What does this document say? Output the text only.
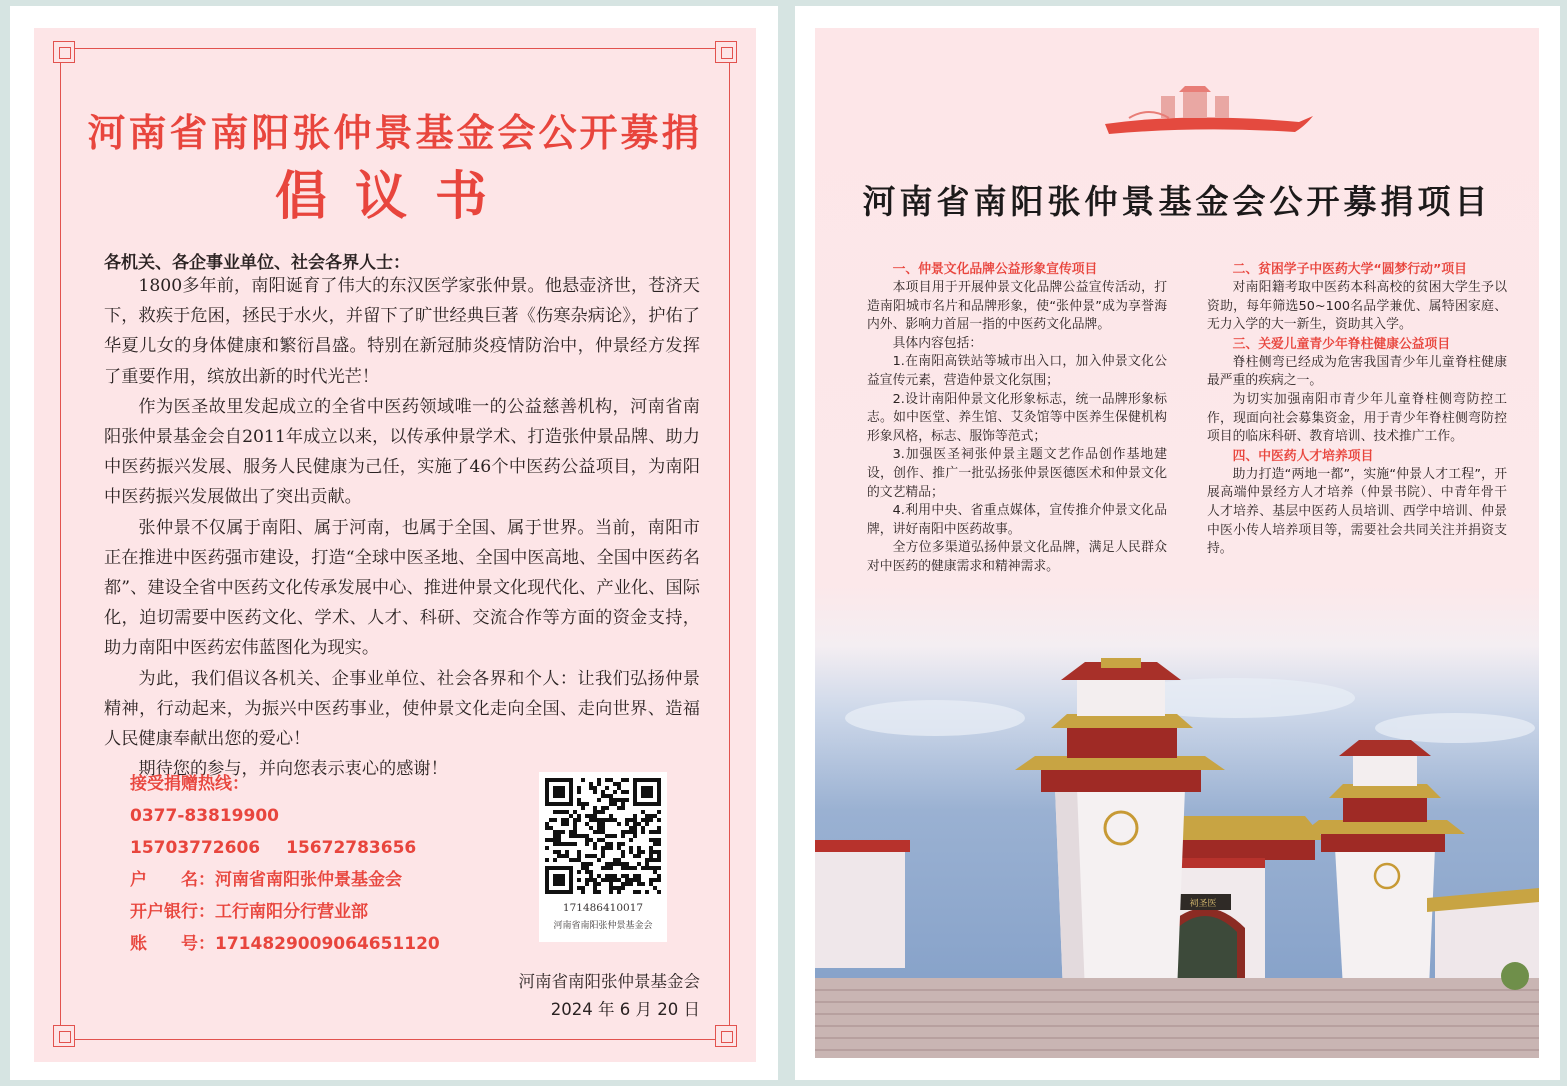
河南省南阳张仲景基金会公开募捐
倡议书
各机关、各企事业单位、社会各界人士：

1800多年前，南阳诞育了伟大的东汉医学家张仲景。他悬壶济世，苍济天下，救疾于危困，拯民于水火，并留下了旷世经典巨著《伤寒杂病论》，护佑了华夏儿女的身体健康和繁衍昌盛。特别在新冠肺炎疫情防治中，仲景经方发挥了重要作用，缤放出新的时代光芒！

作为医圣故里发起成立的全省中医药领域唯一的公益慈善机构，河南省南阳张仲景基金会自2011年成立以来，以传承仲景学术、打造张仲景品牌、助力中医药振兴发展、服务人民健康为己任，实施了46个中医药公益项目，为南阳中医药振兴发展做出了突出贡献。

张仲景不仅属于南阳、属于河南，也属于全国、属于世界。当前，南阳市正在推进中医药强市建设，打造“全球中医圣地、全国中医高地、全国中医药名都”、建设全省中医药文化传承发展中心、推进仲景文化现代化、产业化、国际化，迫切需要中医药文化、学术、人才、科研、交流合作等方面的资金支持，助力南阳中医药宏伟蓝图化为现实。

为此，我们倡议各机关、企事业单位、社会各界和个人：让我们弘扬仲景精神，行动起来，为振兴中医药事业，使仲景文化走向全国、走向世界、造福人民健康奉献出您的爱心！

期待您的参与，并向您表示衷心的感谢！

接受捐赠热线：
0377-83819900
15703772606 15672783656
户　　名：河南省南阳张仲景基金会
开户银行：工行南阳分行营业部
账　　号：1714829009064651120
171486410017
河南省南阳张仲景基金会
河南省南阳张仲景基金会
2024 年 6 月 20 日
祠圣医
河南省南阳张仲景基金会公开募捐项目
一、仲景文化品牌公益形象宣传项目

本项目用于开展仲景文化品牌公益宣传活动，打造南阳城市名片和品牌形象，使“张仲景”成为享誉海内外、影响力首屈一指的中医药文化品牌。

具体内容包括：

1.在南阳高铁站等城市出入口，加入仲景文化公益宣传元素，营造仲景文化氛围；

2.设计南阳仲景文化形象标志，统一品牌形象标志。如中医堂、养生馆、艾灸馆等中医养生保健机构形象风格，标志、服饰等范式；

3.加强医圣祠张仲景主题文艺作品创作基地建设，创作、推广一批弘扬张仲景医德医术和仲景文化的文艺精品；

4.利用中央、省重点媒体，宣传推介仲景文化品牌，讲好南阳中医药故事。

全方位多渠道弘扬仲景文化品牌，满足人民群众对中医药的健康需求和精神需求。

二、贫困学子中医药大学“圆梦行动”项目

对南阳籍考取中医药本科高校的贫困大学生予以资助，每年筛选50~100名品学兼优、属特困家庭、无力入学的大一新生，资助其入学。

三、关爱儿童青少年脊柱健康公益项目

脊柱侧弯已经成为危害我国青少年儿童脊柱健康最严重的疾病之一。

为切实加强南阳市青少年儿童脊柱侧弯防控工作，现面向社会募集资金，用于青少年脊柱侧弯防控项目的临床科研、教育培训、技术推广工作。

四、中医药人才培养项目

助力打造“两地一都”，实施“仲景人才工程”，开展高端仲景经方人才培养（仲景书院）、中青年骨干人才培养、基层中医药人员培训、西学中培训、仲景中医小传人培养项目等，需要社会共同关注并捐资支持。
